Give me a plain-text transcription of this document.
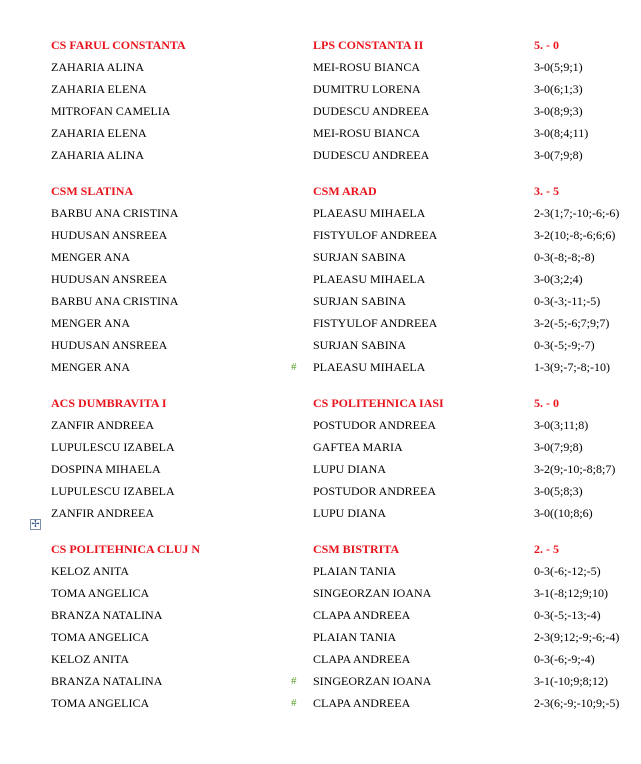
CS FARUL CONSTANTA	LPS CONSTANTA II	5. - 0
ZAHARIA ALINA	MEI-ROSU BIANCA	3-0(5;9;1)
ZAHARIA ELENA	DUMITRU LORENA	3-0(6;1;3)
MITROFAN CAMELIA	DUDESCU ANDREEA	3-0(8;9;3)
ZAHARIA ELENA	MEI-ROSU BIANCA	3-0(8;4;11)
ZAHARIA ALINA	DUDESCU ANDREEA	3-0(7;9;8)
CSM SLATINA	CSM ARAD	3. - 5
BARBU ANA CRISTINA	PLAEASU MIHAELA	2-3(1;7;-10;-6;-6)
HUDUSAN ANSREEA	FISTYULOF ANDREEA	3-2(10;-8;-6;6;6)
MENGER ANA	SURJAN SABINA	0-3(-8;-8;-8)
HUDUSAN ANSREEA	PLAEASU MIHAELA	3-0(3;2;4)
BARBU ANA CRISTINA	SURJAN SABINA	0-3(-3;-11;-5)
MENGER ANA	FISTYULOF ANDREEA	3-2(-5;-6;7;9;7)
HUDUSAN ANSREEA	SURJAN SABINA	0-3(-5;-9;-7)
MENGER ANA	# PLAEASU MIHAELA	1-3(9;-7;-8;-10)
ACS DUMBRAVITA I	CS POLITEHNICA IASI	5. - 0
ZANFIR ANDREEA	POSTUDOR ANDREEA	3-0(3;11;8)
LUPULESCU IZABELA	GAFTEA MARIA	3-0(7;9;8)
DOSPINA MIHAELA	LUPU DIANA	3-2(9;-10;-8;8;7)
LUPULESCU IZABELA	POSTUDOR ANDREEA	3-0(5;8;3)
ZANFIR ANDREEA	LUPU DIANA	3-0((10;8;6)
CS POLITEHNICA CLUJ N	CSM BISTRITA	2. - 5
KELOZ ANITA	PLAIAN TANIA	0-3(-6;-12;-5)
TOMA ANGELICA	SINGEORZAN IOANA	3-1(-8;12;9;10)
BRANZA NATALINA	CLAPA ANDREEA	0-3(-5;-13;-4)
TOMA ANGELICA	PLAIAN TANIA	2-3(9;12;-9;-6;-4)
KELOZ ANITA	CLAPA ANDREEA	0-3(-6;-9;-4)
BRANZA NATALINA	# SINGEORZAN IOANA	3-1(-10;9;8;12)
TOMA ANGELICA	# CLAPA ANDREEA	2-3(6;-9;-10;9;-5)
✢
